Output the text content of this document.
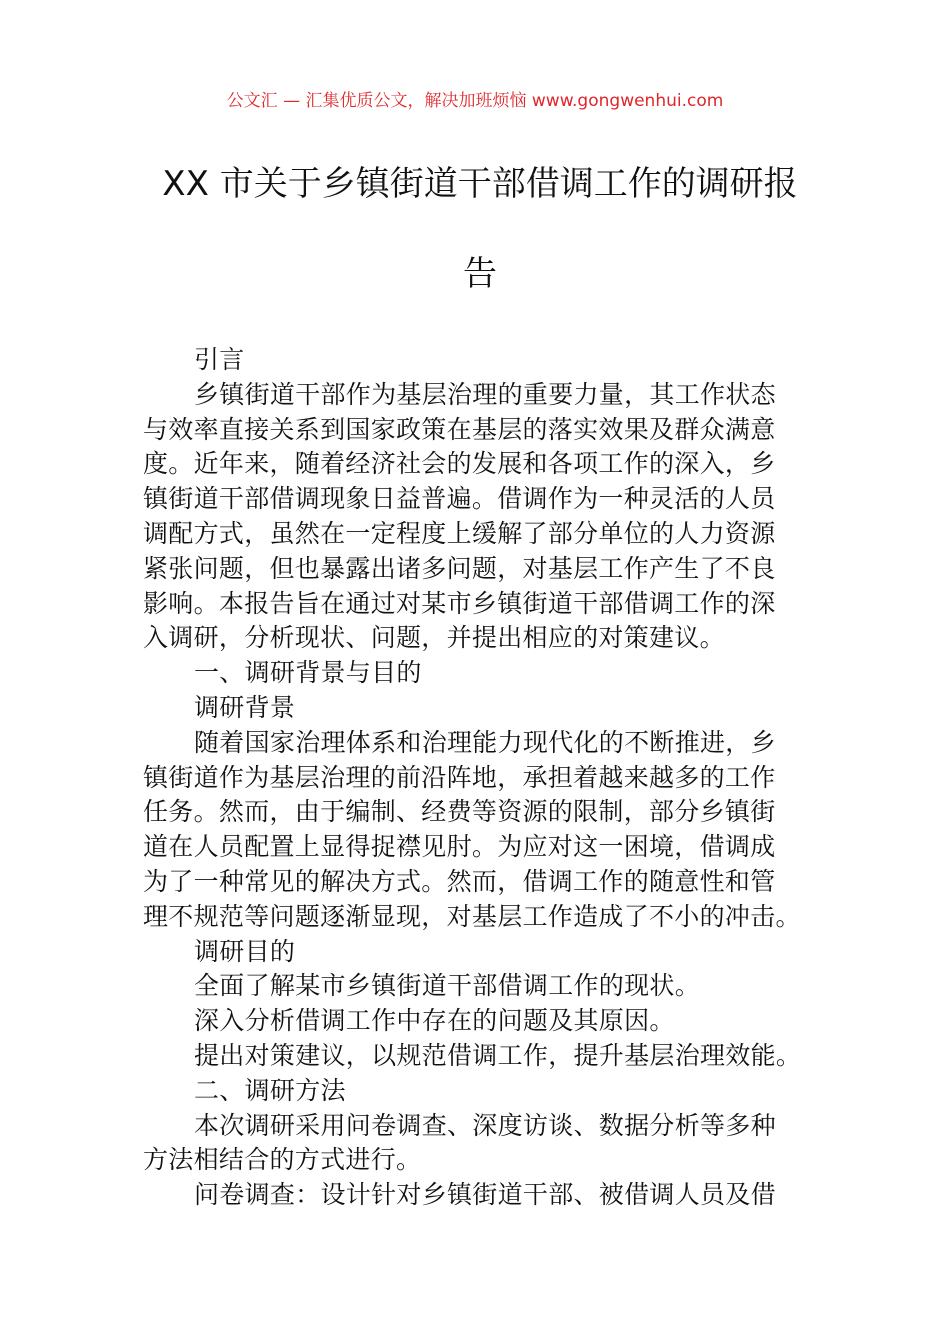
公文汇 — 汇集优质公文，解决加班烦恼 www.gongwenhui.com
XX 市关于乡镇街道干部借调工作的调研报
告
引言
乡镇街道干部作为基层治理的重要力量，其工作状态
与效率直接关系到国家政策在基层的落实效果及群众满意
度。近年来，随着经济社会的发展和各项工作的深入，乡
镇街道干部借调现象日益普遍。借调作为一种灵活的人员
调配方式，虽然在一定程度上缓解了部分单位的人力资源
紧张问题，但也暴露出诸多问题，对基层工作产生了不良
影响。本报告旨在通过对某市乡镇街道干部借调工作的深
入调研，分析现状、问题，并提出相应的对策建议。
一、调研背景与目的
调研背景
随着国家治理体系和治理能力现代化的不断推进，乡
镇街道作为基层治理的前沿阵地，承担着越来越多的工作
任务。然而，由于编制、经费等资源的限制，部分乡镇街
道在人员配置上显得捉襟见肘。为应对这一困境，借调成
为了一种常见的解决方式。然而，借调工作的随意性和管
理不规范等问题逐渐显现，对基层工作造成了不小的冲击。
调研目的
全面了解某市乡镇街道干部借调工作的现状。
深入分析借调工作中存在的问题及其原因。
提出对策建议，以规范借调工作，提升基层治理效能。
二、调研方法
本次调研采用问卷调查、深度访谈、数据分析等多种
方法相结合的方式进行。
问卷调查：设计针对乡镇街道干部、被借调人员及借
